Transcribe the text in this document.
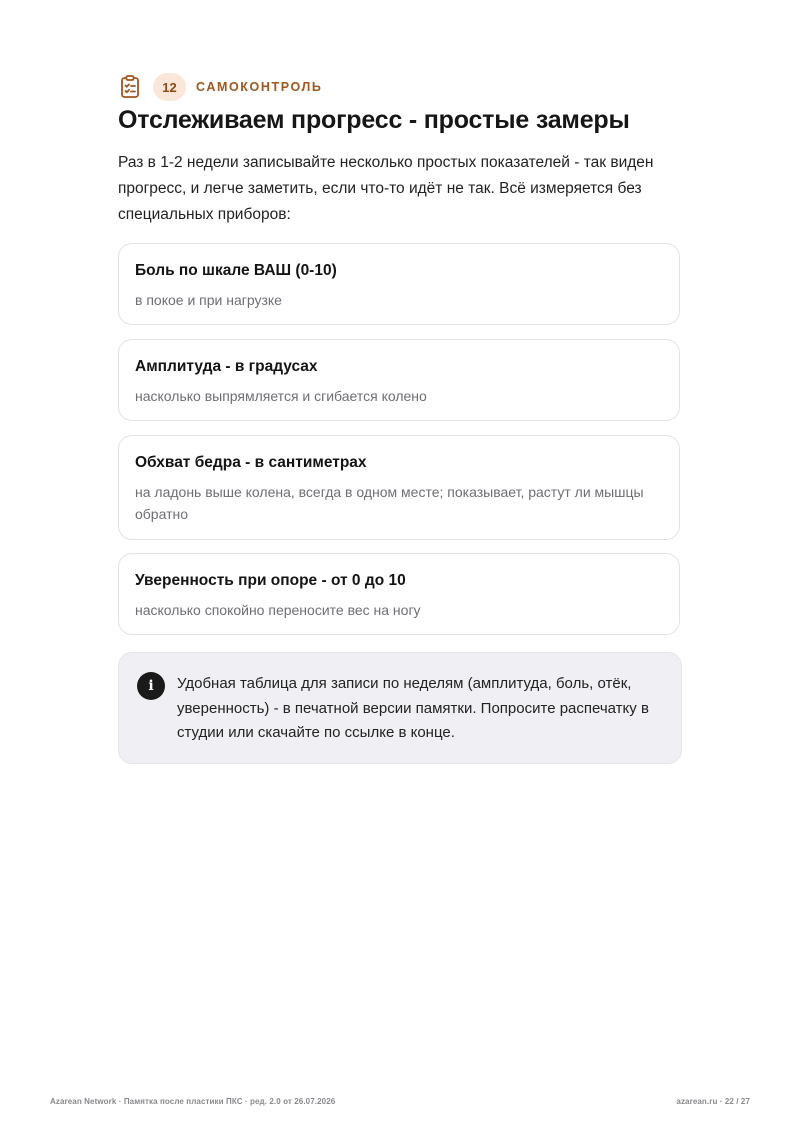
12	САМОКОНТРОЛЬ
Отслеживаем прогресс - простые замеры

Раз в 1-2 недели записывайте несколько простых показателей - так виден прогресс, и легче заметить, если что-то идёт не так. Всё измеряется без специальных приборов:

Боль по шкале ВАШ (0-10)
в покое и при нагрузке
Амплитуда - в градусах
насколько выпрямляется и сгибается колено
Обхват бедра - в сантиметрах
на ладонь выше колена, всегда в одном месте; показывает, растут ли мышцы обратно
Уверенность при опоре - от 0 до 10
насколько спокойно переносите вес на ногу
i	Удобная таблица для записи по неделям (амплитуда, боль, отёк, уверенность) - в печатной версии памятки. Попросите распечатку в студии или скачайте по ссылке в конце.
Azarean Network · Памятка после пластики ПКС · ред. 2.0 от 26.07.2026	azarean.ru · 22 / 27
